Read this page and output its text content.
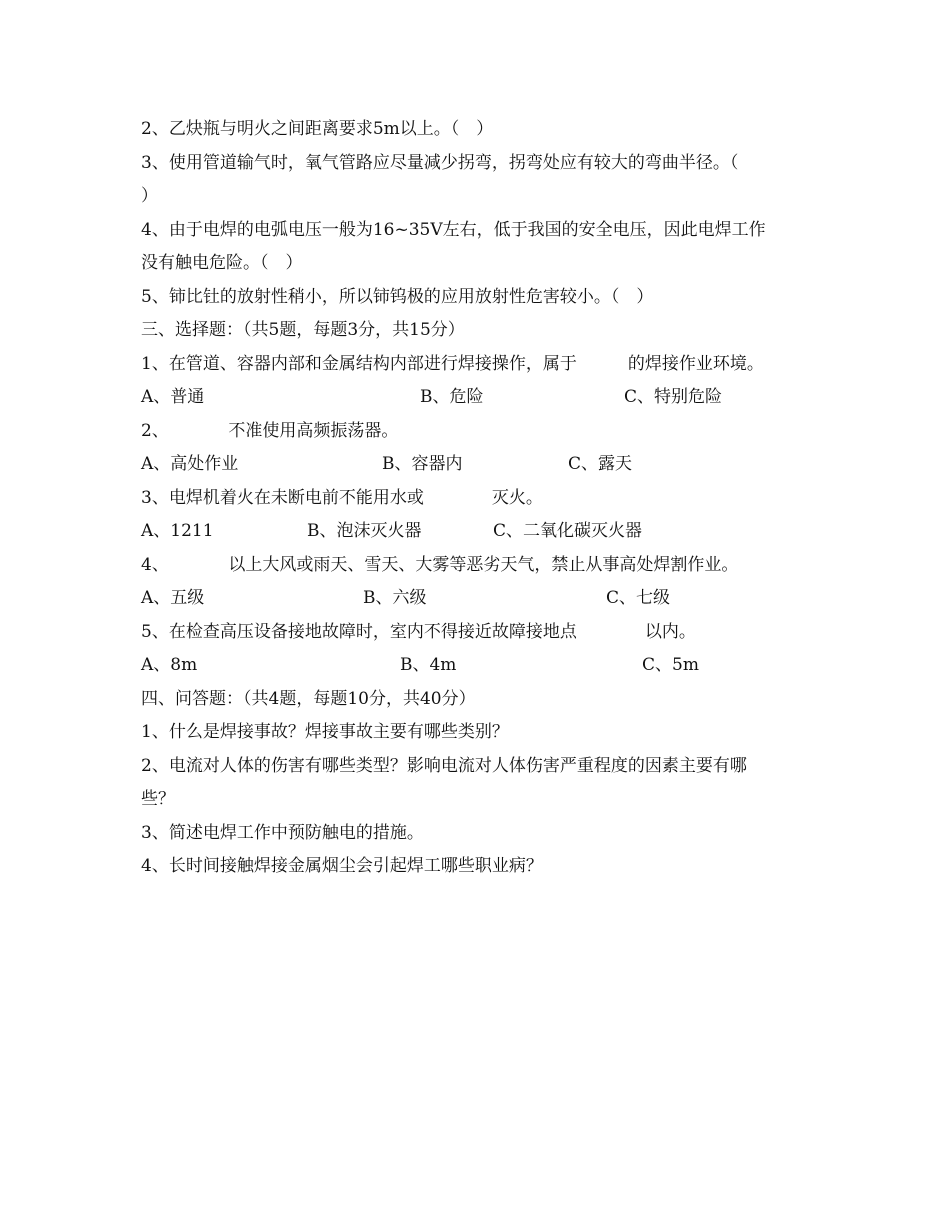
2、乙炔瓶与明火之间距离要求5m以上。（　）
3、使用管道输气时，氧气管路应尽量减少拐弯，拐弯处应有较大的弯曲半径。（
）
4、由于电焊的电弧电压一般为16~35V左右，低于我国的安全电压，因此电焊工作
没有触电危险。（　）
5、铈比钍的放射性稍小，所以铈钨极的应用放射性危害较小。（　）
三、选择题：（共5题，每题3分，共15分）
1、在管道、容器内部和金属结构内部进行焊接操作，属于　　　的焊接作业环境。
A、普通	B、危险	C、特别危险
2、　　　　不准使用高频振荡器。
A、高处作业	B、容器内	C、露天
3、电焊机着火在未断电前不能用水或　　　　灭火。
A、1211	B、泡沫灭火器	C、二氧化碳灭火器
4、　　　　以上大风或雨天、雪天、大雾等恶劣天气，禁止从事高处焊割作业。
A、五级	B、六级	C、七级
5、在检查高压设备接地故障时，室内不得接近故障接地点　　　　以内。
A、8m	B、4m	C、5m
四、问答题：（共4题，每题10分，共40分）
1、什么是焊接事故？焊接事故主要有哪些类别？
2、电流对人体的伤害有哪些类型？影响电流对人体伤害严重程度的因素主要有哪
些？
3、简述电焊工作中预防触电的措施。
4、长时间接触焊接金属烟尘会引起焊工哪些职业病？
